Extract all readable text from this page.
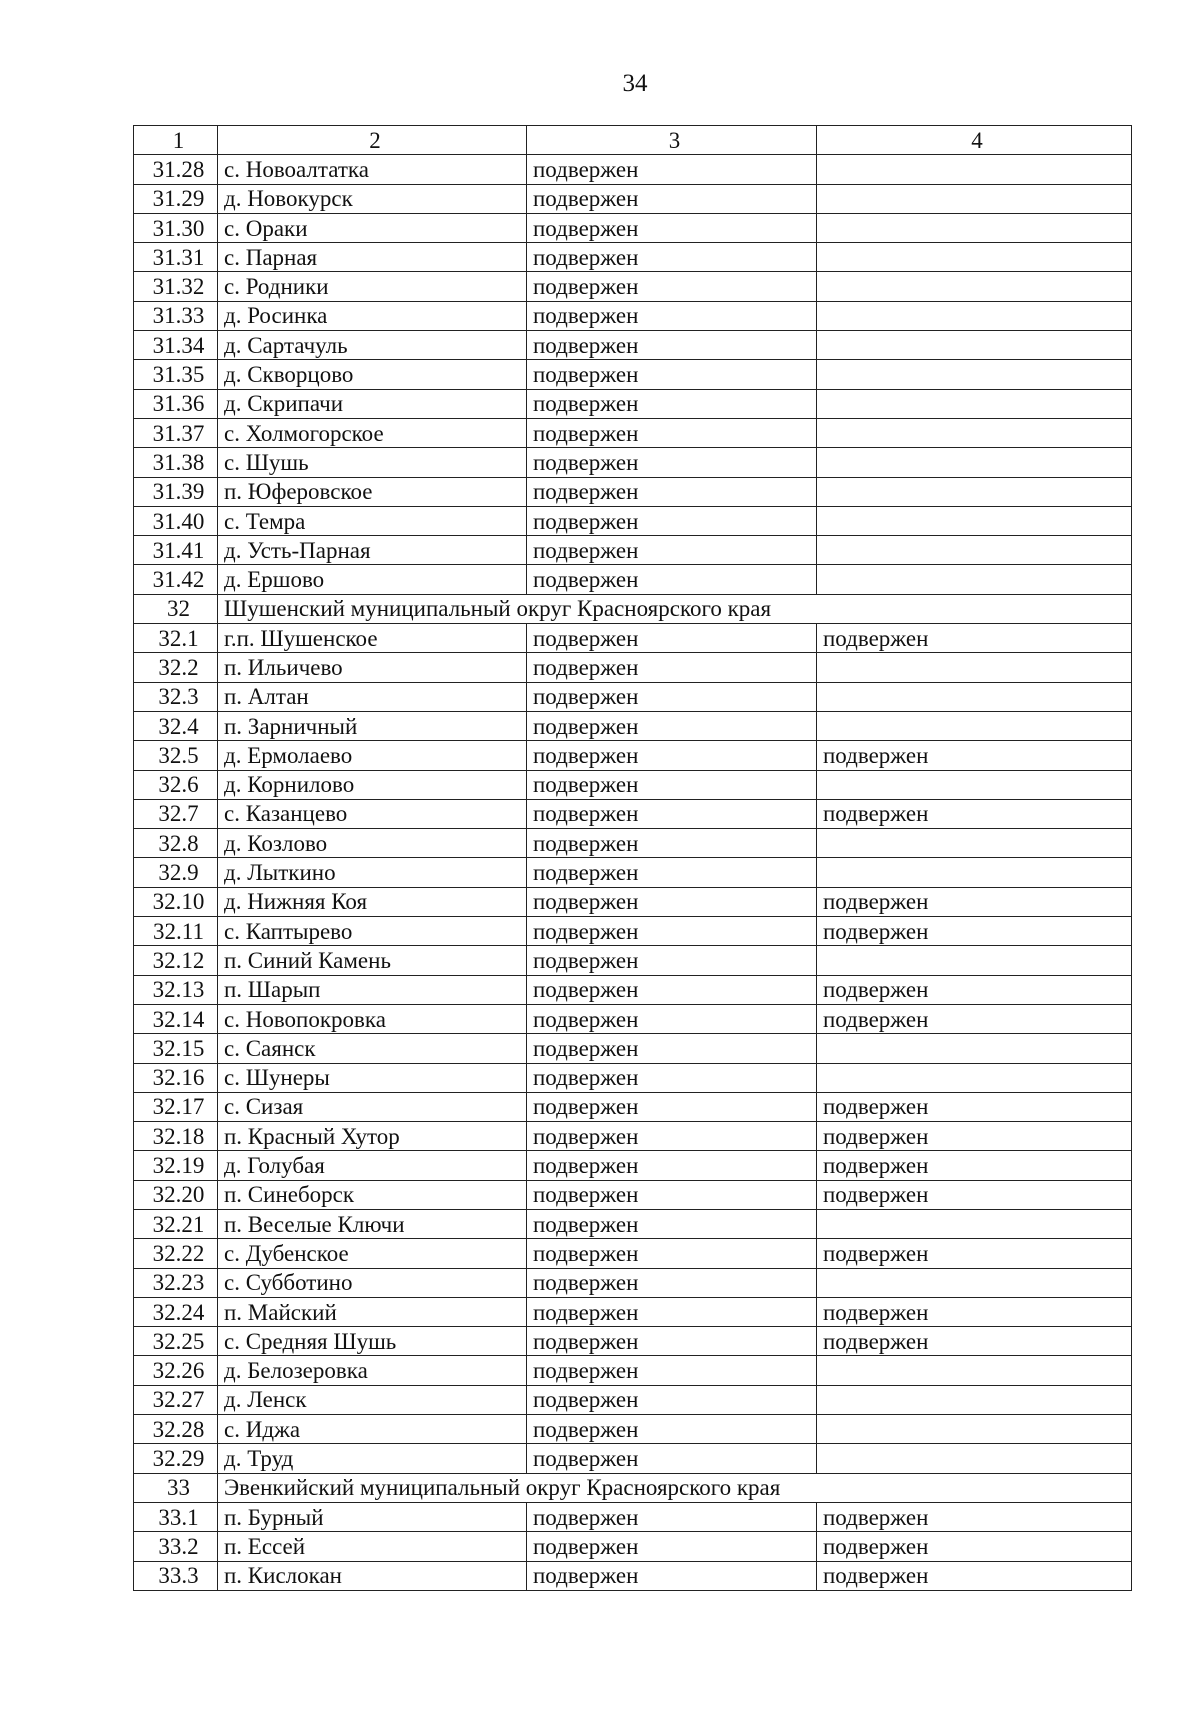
34
1	2	3	4
31.28	с. Новоалтатка	подвержен	
31.29	д. Новокурск	подвержен	
31.30	с. Ораки	подвержен	
31.31	с. Парная	подвержен	
31.32	с. Родники	подвержен	
31.33	д. Росинка	подвержен	
31.34	д. Сартачуль	подвержен	
31.35	д. Скворцово	подвержен	
31.36	д. Скрипачи	подвержен	
31.37	с. Холмогорское	подвержен	
31.38	с. Шушь	подвержен	
31.39	п. Юферовское	подвержен	
31.40	с. Темра	подвержен	
31.41	д. Усть-Парная	подвержен	
31.42	д. Ершово	подвержен	
32	Шушенский муниципальный округ Красноярского края		
32.1	г.п. Шушенское	подвержен	подвержен
32.2	п. Ильичево	подвержен	
32.3	п. Алтан	подвержен	
32.4	п. Зарничный	подвержен	
32.5	д. Ермолаево	подвержен	подвержен
32.6	д. Корнилово	подвержен	
32.7	с. Казанцево	подвержен	подвержен
32.8	д. Козлово	подвержен	
32.9	д. Лыткино	подвержен	
32.10	д. Нижняя Коя	подвержен	подвержен
32.11	с. Каптырево	подвержен	подвержен
32.12	п. Синий Камень	подвержен	
32.13	п. Шарып	подвержен	подвержен
32.14	с. Новопокровка	подвержен	подвержен
32.15	с. Саянск	подвержен	
32.16	с. Шунеры	подвержен	
32.17	с. Сизая	подвержен	подвержен
32.18	п. Красный Хутор	подвержен	подвержен
32.19	д. Голубая	подвержен	подвержен
32.20	п. Синеборск	подвержен	подвержен
32.21	п. Веселые Ключи	подвержен	
32.22	с. Дубенское	подвержен	подвержен
32.23	с. Субботино	подвержен	
32.24	п. Майский	подвержен	подвержен
32.25	с. Средняя Шушь	подвержен	подвержен
32.26	д. Белозеровка	подвержен	
32.27	д. Ленск	подвержен	
32.28	с. Иджа	подвержен	
32.29	д. Труд	подвержен	
33	Эвенкийский муниципальный округ Красноярского края		
33.1	п. Бурный	подвержен	подвержен
33.2	п. Ессей	подвержен	подвержен
33.3	п. Кислокан	подвержен	подвержен
